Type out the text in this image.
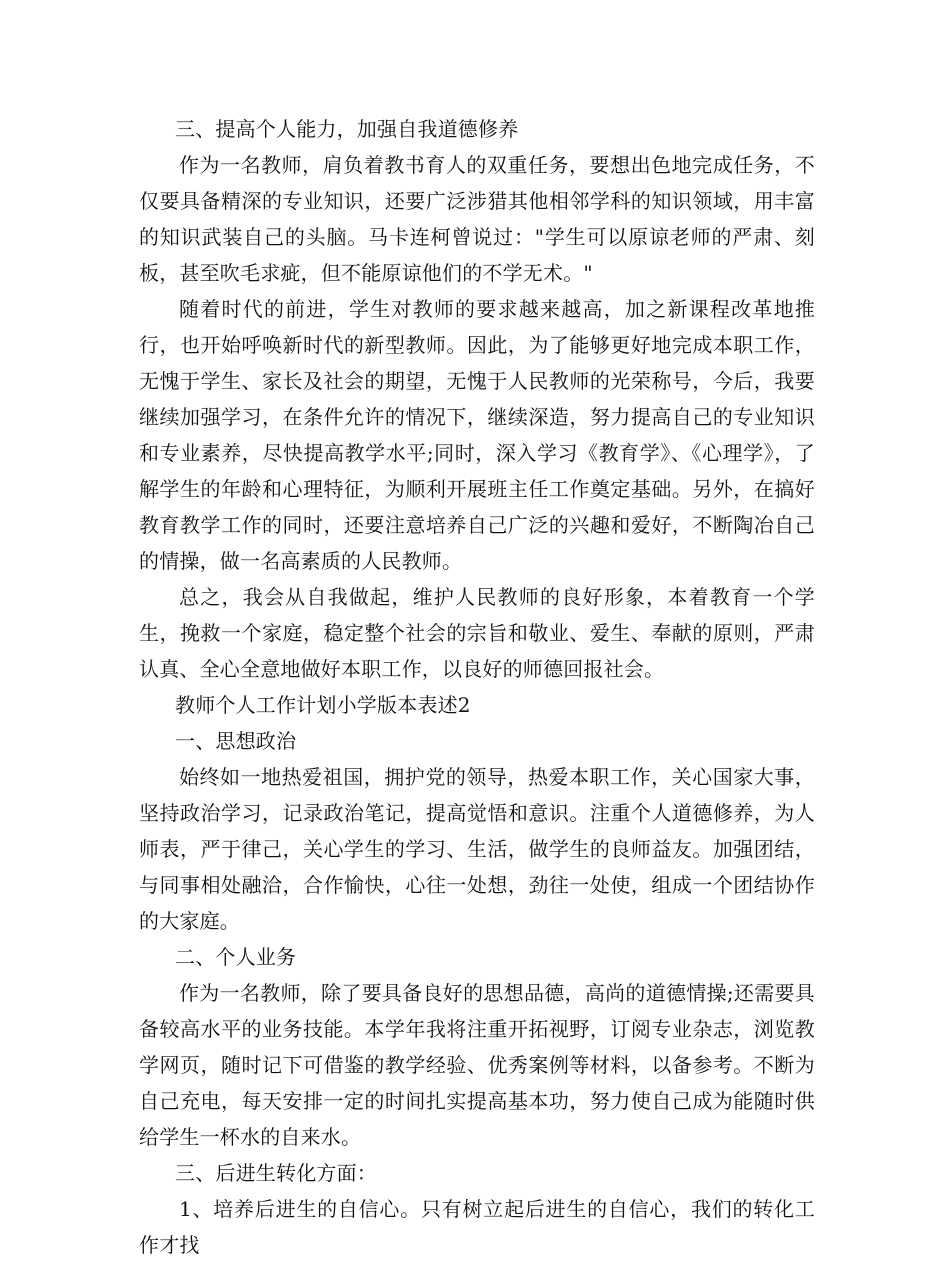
三、提高个人能力，加强自我道德修养

作为一名教师，肩负着教书育人的双重任务，要想出色地完成任务，不仅要具备精深的专业知识，还要广泛涉猎其他相邻学科的知识领域，用丰富的知识武装自己的头脑。马卡连柯曾说过："学生可以原谅老师的严肃、刻板，甚至吹毛求疵，但不能原谅他们的不学无术。"

随着时代的前进，学生对教师的要求越来越高，加之新课程改革地推行，也开始呼唤新时代的新型教师。因此，为了能够更好地完成本职工作，无愧于学生、家长及社会的期望，无愧于人民教师的光荣称号，今后，我要继续加强学习，在条件允许的情况下，继续深造，努力提高自己的专业知识和专业素养，尽快提高教学水平;同时，深入学习《教育学》、《心理学》，了解学生的年龄和心理特征，为顺利开展班主任工作奠定基础。另外，在搞好教育教学工作的同时，还要注意培养自己广泛的兴趣和爱好，不断陶冶自己的情操，做一名高素质的人民教师。

总之，我会从自我做起，维护人民教师的良好形象，本着教育一个学生，挽救一个家庭，稳定整个社会的宗旨和敬业、爱生、奉献的原则，严肃认真、全心全意地做好本职工作，以良好的师德回报社会。

教师个人工作计划小学版本表述2

一、思想政治

始终如一地热爱祖国，拥护党的领导，热爱本职工作，关心国家大事，坚持政治学习，记录政治笔记，提高觉悟和意识。注重个人道德修养，为人师表，严于律己，关心学生的学习、生活，做学生的良师益友。加强团结，与同事相处融洽，合作愉快，心往一处想，劲往一处使，组成一个团结协作的大家庭。

二、个人业务

作为一名教师，除了要具备良好的思想品德，高尚的道德情操;还需要具备较高水平的业务技能。本学年我将注重开拓视野，订阅专业杂志，浏览教学网页，随时记下可借鉴的教学经验、优秀案例等材料，以备参考。不断为自己充电，每天安排一定的时间扎实提高基本功，努力使自己成为能随时供给学生一杯水的自来水。

三、后进生转化方面：

1、培养后进生的自信心。只有树立起后进生的自信心，我们的转化工作才找
